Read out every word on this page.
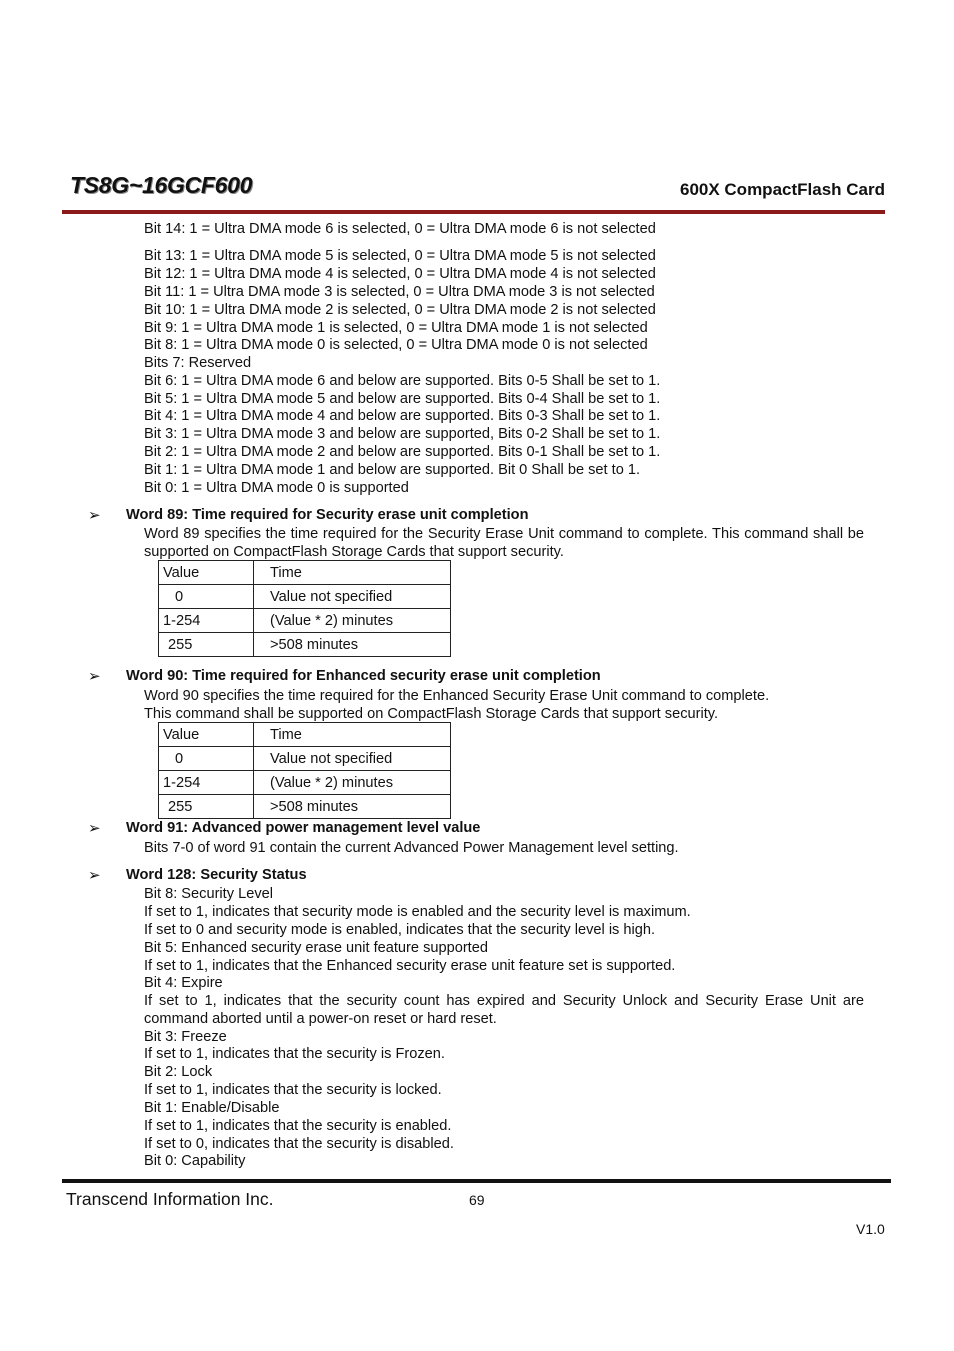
TS8G~16GCF600	600X CompactFlash Card
Bit 14: 1 = Ultra DMA mode 6 is selected, 0 = Ultra DMA mode 6 is not selected
Bit 13: 1 = Ultra DMA mode 5 is selected, 0 = Ultra DMA mode 5 is not selected
Bit 12: 1 = Ultra DMA mode 4 is selected, 0 = Ultra DMA mode 4 is not selected
Bit 11: 1 = Ultra DMA mode 3 is selected, 0 = Ultra DMA mode 3 is not selected
Bit 10: 1 = Ultra DMA mode 2 is selected, 0 = Ultra DMA mode 2 is not selected
Bit 9: 1 = Ultra DMA mode 1 is selected, 0 = Ultra DMA mode 1 is not selected
Bit 8: 1 = Ultra DMA mode 0 is selected, 0 = Ultra DMA mode 0 is not selected
Bits 7: Reserved
Bit 6: 1 = Ultra DMA mode 6 and below are supported. Bits 0-5 Shall be set to 1.
Bit 5: 1 = Ultra DMA mode 5 and below are supported. Bits 0-4 Shall be set to 1.
Bit 4: 1 = Ultra DMA mode 4 and below are supported. Bits 0-3 Shall be set to 1.
Bit 3: 1 = Ultra DMA mode 3 and below are supported, Bits 0-2 Shall be set to 1.
Bit 2: 1 = Ultra DMA mode 2 and below are supported. Bits 0-1 Shall be set to 1.
Bit 1: 1 = Ultra DMA mode 1 and below are supported. Bit 0 Shall be set to 1.
Bit 0: 1 = Ultra DMA mode 0 is supported
➢ Word 89: Time required for Security erase unit completion
Word 89 specifies the time required for the Security Erase Unit command to complete. This command shall be supported on CompactFlash Storage Cards that support security.
Value	Time
0	Value not specified
1-254	(Value * 2) minutes
255	>508 minutes
➢ Word 90: Time required for Enhanced security erase unit completion
Word 90 specifies the time required for the Enhanced Security Erase Unit command to complete.
This command shall be supported on CompactFlash Storage Cards that support security.
Value	Time
0	Value not specified
1-254	(Value * 2) minutes
255	>508 minutes
➢ Word 91: Advanced power management level value
Bits 7-0 of word 91 contain the current Advanced Power Management level setting.
➢ Word 128: Security Status
Bit 8: Security Level
If set to 1, indicates that security mode is enabled and the security level is maximum.
If set to 0 and security mode is enabled, indicates that the security level is high.
Bit 5: Enhanced security erase unit feature supported
If set to 1, indicates that the Enhanced security erase unit feature set is supported.
Bit 4: Expire
If set to 1, indicates that the security count has expired and Security Unlock and Security Erase Unit are command aborted until a power-on reset or hard reset.
Bit 3: Freeze
If set to 1, indicates that the security is Frozen.
Bit 2: Lock
If set to 1, indicates that the security is locked.
Bit 1: Enable/Disable
If set to 1, indicates that the security is enabled.
If set to 0, indicates that the security is disabled.
Bit 0: Capability
Transcend Information Inc.	69
V1.0
